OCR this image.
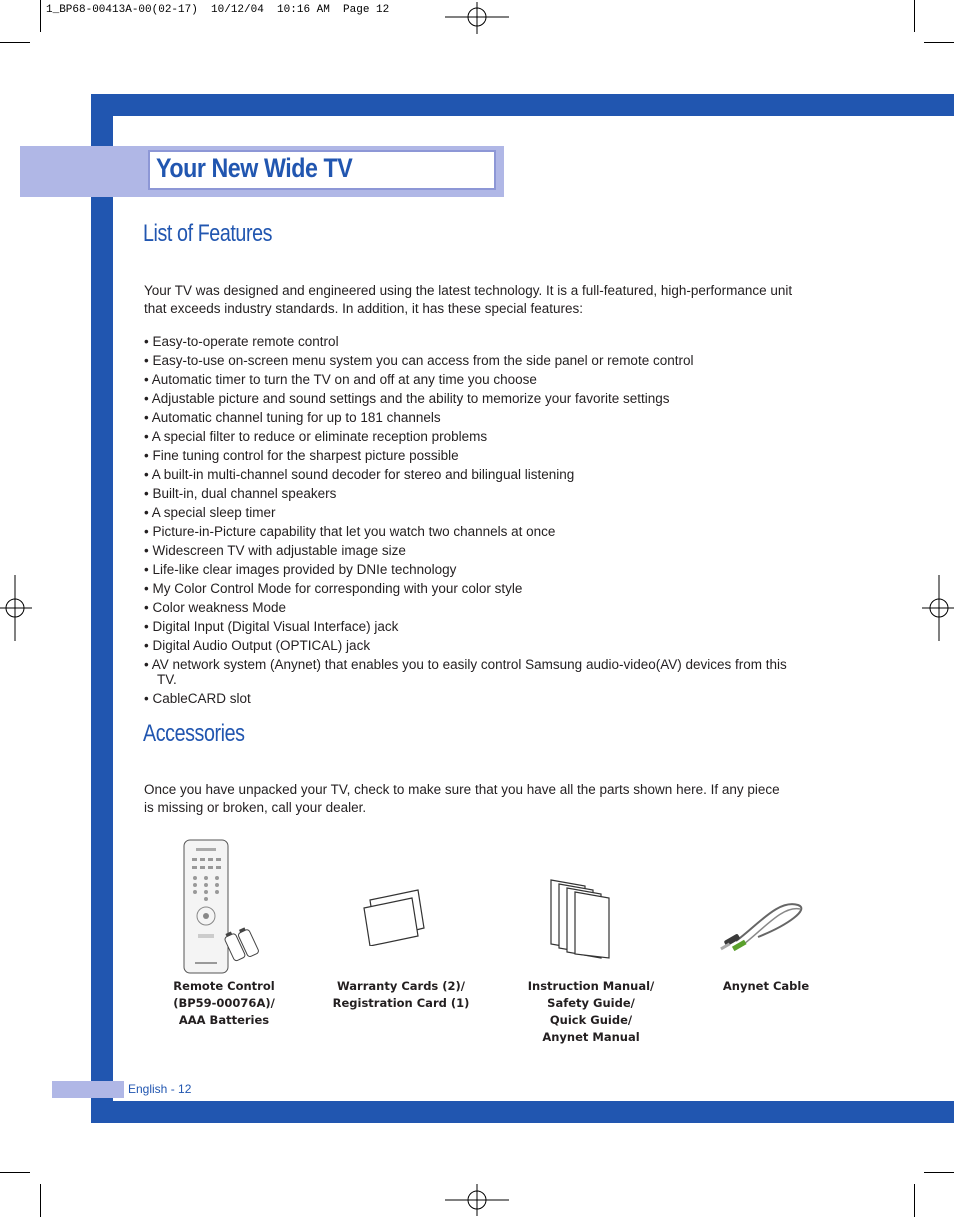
1_BP68-00413A-00(02-17)  10/12/04  10:16 AM  Page 12
Your New Wide TV
List of Features

Your TV was designed and engineered using the latest technology. It is a full-featured, high-performance unit that exceeds industry standards. In addition, it has these special features:

• Easy-to-operate remote control
• Easy-to-use on-screen menu system you can access from the side panel or remote control
• Automatic timer to turn the TV on and off at any time you choose
• Adjustable picture and sound settings and the ability to memorize your favorite settings
• Automatic channel tuning for up to 181 channels
• A special filter to reduce or eliminate reception problems
• Fine tuning control for the sharpest picture possible
• A built-in multi-channel sound decoder for stereo and bilingual listening
• Built-in, dual channel speakers
• A special sleep timer
• Picture-in-Picture capability that let you watch two channels at once
• Widescreen TV with adjustable image size
• Life-like clear images provided by DNIe technology
• My Color Control Mode for corresponding with your color style
• Color weakness Mode
• Digital Input (Digital Visual Interface) jack
• Digital Audio Output (OPTICAL) jack
• AV network system (Anynet) that enables you to easily control Samsung audio-video(AV) devices from this TV.
• CableCARD slot
Accessories

Once you have unpacked your TV, check to make sure that you have all the parts shown here. If any piece is missing or broken, call your dealer.

Remote Control
(BP59-00076A)/
AAA Batteries
Warranty Cards (2)/
Registration Card (1)
Instruction Manual/
Safety Guide/
Quick Guide/
Anynet Manual
Anynet Cable
English - 12
